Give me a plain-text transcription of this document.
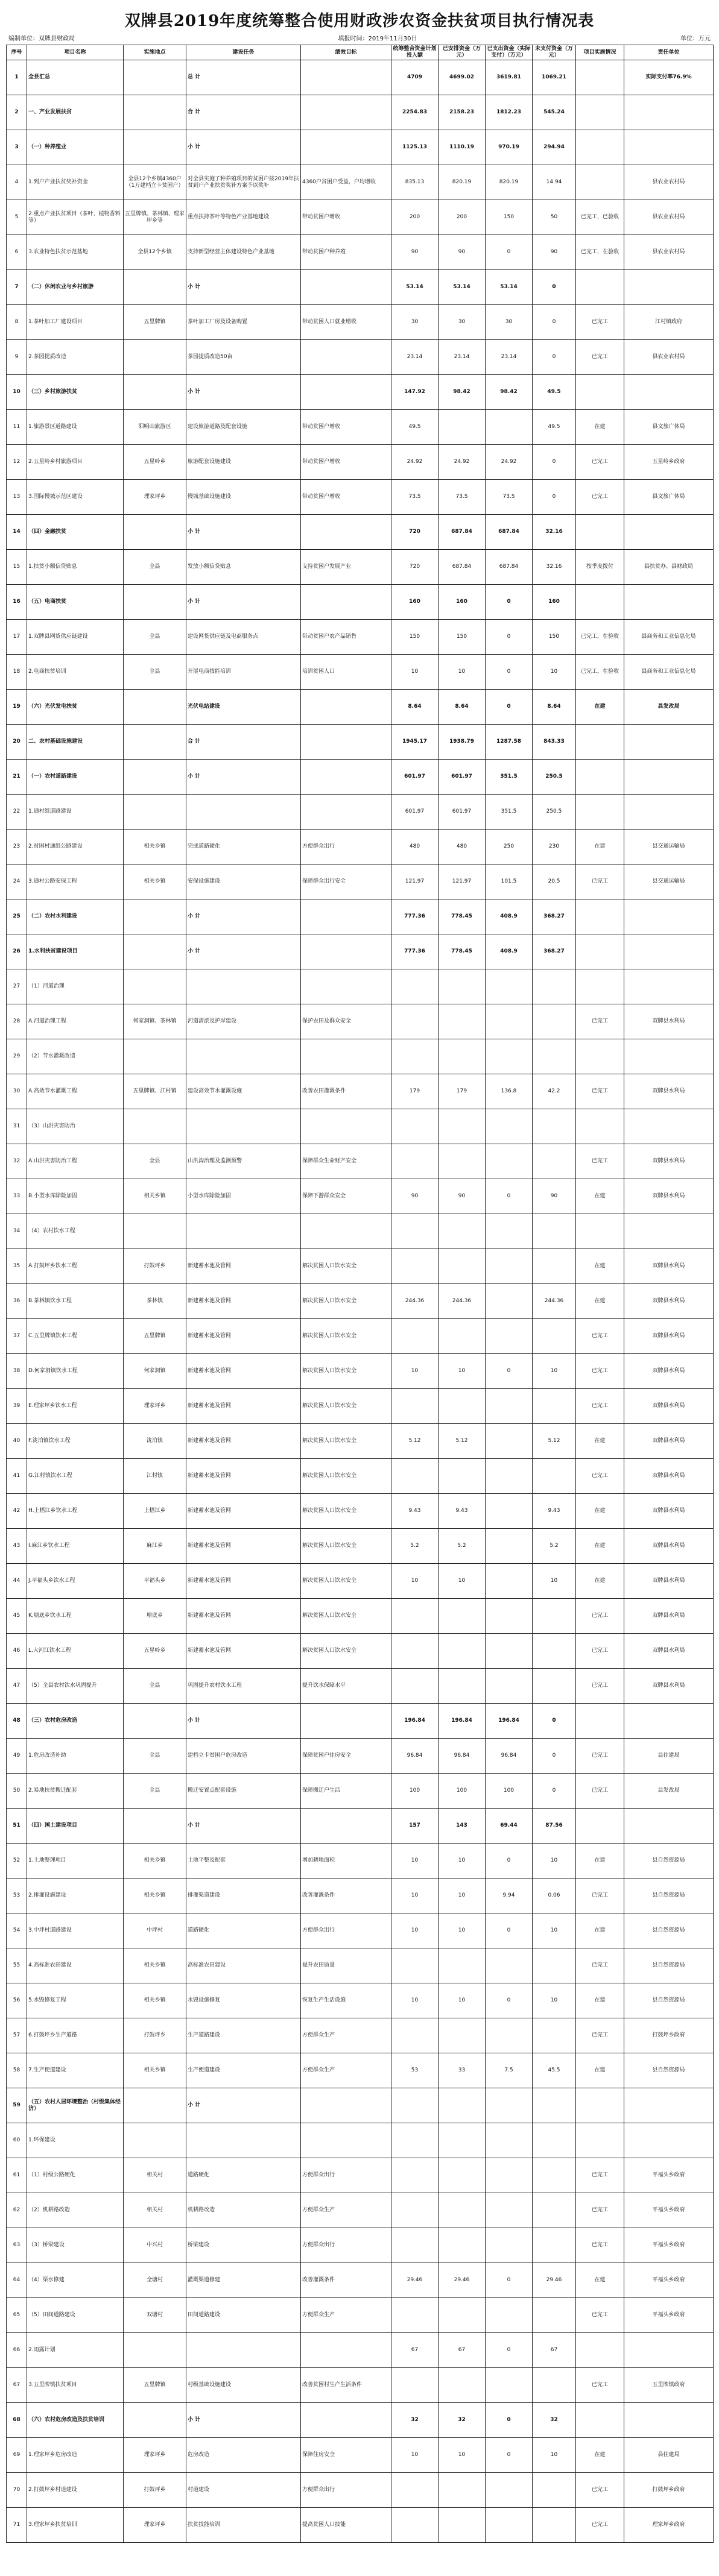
双牌县2019年度统筹整合使用财政涉农资金扶贫项目执行情况表
编制单位：双牌县财政局	填报时间：2019年11月30日	单位：万元
序号	项目名称	实施地点	建设任务	绩效目标	统筹整合资金计划投入额	已安排资金（万元）	已支出资金（实际支付）（万元）	未支付资金（万元）	项目实施情况	责任单位
1	全县汇总		总 计		4709	4699.02	3619.81	1069.21		实际支付率76.9%
2	一、产业发展扶贫		合 计		2254.83	2158.23	1812.23	545.24		
3	（一）种养殖业		小 计		1125.13	1110.19	970.19	294.94		
4	1.到户产业扶贫奖补资金	全县12个乡镇4360户（1万建档立卡贫困户）	对全县实施了种养殖项目的贫困户按2019年扶贫到户产业扶贫奖补方案予以奖补	4360户贫困户受益，户均增收	835.13	820.19	820.19	14.94		县农业农村局
5	2.重点产业扶贫项目（茶叶、植物香料等）	五里牌镇、茶林镇、理家坪乡等	重点扶持茶叶等特色产业基地建设	带动贫困户增收	200	200	150	50	已完工，已验收	县农业农村局
6	3.农业特色扶贫示范基地	全县12个乡镇	支持新型经营主体建设特色产业基地	带动贫困户种养殖	90	90	0	90	已完工，在验收	县农业农村局
7	（二）休闲农业与乡村旅游		小 计		53.14	53.14	53.14	0		
8	1.茶叶加工厂建设项目	五里牌镇	茶叶加工厂房及设备购置	带动贫困人口就业增收	30	30	30	0	已完工	江村镇政府
9	2.茶园提质改造		茶园提质改造50亩		23.14	23.14	23.14	0	已完工	县农业农村局
10	（三）乡村旅游扶贫		小 计		147.92	98.42	98.42	49.5		
11	1.旅游景区道路建设	阳明山旅游区	建设旅游道路及配套设施	带动贫困户增收	49.5			49.5	在建	县文旅广体局
12	2.五星岭乡村旅游项目	五星岭乡	旅游配套设施建设	带动贫困户增收	24.92	24.92	24.92	0	已完工	五星岭乡政府
13	3.国际慢城示范区建设	理家坪乡	慢城基础设施建设	带动贫困户增收	73.5	73.5	73.5	0	已完工	县文旅广体局
14	（四）金融扶贫		小 计		720	687.84	687.84	32.16		
15	1.扶贫小额信贷贴息	全县	发放小额信贷贴息	支持贫困户发展产业	720	687.84	687.84	32.16	按季度拨付	县扶贫办、县财政局
16	（五）电商扶贫		小 计		160	160	0	160		
17	1.双牌县网货供应链建设	全县	建设网货供应链及电商服务点	带动贫困户农产品销售	150	150	0	150	已完工，在验收	县商务和工业信息化局
18	2.电商扶贫培训	全县	开展电商技能培训	培训贫困人口	10	10	0	10	已完工，在验收	县商务和工业信息化局
19	（六）光伏发电扶贫		光伏电站建设		8.64	8.64	0	8.64	在建	县发改局
20	二、农村基础设施建设		合 计		1945.17	1938.79	1287.58	843.33		
21	（一）农村道路建设		小 计		601.97	601.97	351.5	250.5		
22	1.通村组道路建设				601.97	601.97	351.5	250.5		
23	2.贫困村通组公路建设	相关乡镇	完成道路硬化	方便群众出行	480	480	250	230	在建	县交通运输局
24	3.通村公路安保工程	相关乡镇	安保设施建设	保障群众出行安全	121.97	121.97	101.5	20.5	已完工	县交通运输局
25	（二）农村水利建设		小 计		777.36	778.45	408.9	368.27		
26	1.水利扶贫建设项目		小 计		777.36	778.45	408.9	368.27		
27	（1）河道治理									
28	A.河道治理工程	何家洞镇、茶林镇	河道清淤及护岸建设	保护农田及群众安全					已完工	双牌县水利局
29	（2）节水灌溉改造									
30	A.高效节水灌溉工程	五里牌镇、江村镇	建设高效节水灌溉设施	改善农田灌溉条件	179	179	136.8	42.2	已完工	双牌县水利局
31	（3）山洪灾害防治									
32	A.山洪灾害防治工程	全县	山洪沟治理及监测预警	保障群众生命财产安全					已完工	双牌县水利局
33	B.小型水库除险加固	相关乡镇	小型水库除险加固	保障下游群众安全	90	90	0	90	在建	双牌县水利局
34	（4）农村饮水工程									
35	A.打鼓坪乡饮水工程	打鼓坪乡	新建蓄水池及管网	解决贫困人口饮水安全					在建	双牌县水利局
36	B.茶林镇饮水工程	茶林镇	新建蓄水池及管网	解决贫困人口饮水安全	244.36	244.36		244.36	在建	双牌县水利局
37	C.五里牌镇饮水工程	五里牌镇	新建蓄水池及管网	解决贫困人口饮水安全					已完工	双牌县水利局
38	D.何家洞镇饮水工程	何家洞镇	新建蓄水池及管网	解决贫困人口饮水安全	10	10	0	10	已完工	双牌县水利局
39	E.理家坪乡饮水工程	理家坪乡	新建蓄水池及管网	解决贫困人口饮水安全					已完工	双牌县水利局
40	F.泷泊镇饮水工程	泷泊镇	新建蓄水池及管网	解决贫困人口饮水安全	5.12	5.12		5.12	在建	双牌县水利局
41	G.江村镇饮水工程	江村镇	新建蓄水池及管网	解决贫困人口饮水安全					已完工	双牌县水利局
42	H.上梧江乡饮水工程	上梧江乡	新建蓄水池及管网	解决贫困人口饮水安全	9.43	9.43		9.43	在建	双牌县水利局
43	I.麻江乡饮水工程	麻江乡	新建蓄水池及管网	解决贫困人口饮水安全	5.2	5.2		5.2	在建	双牌县水利局
44	J.平福头乡饮水工程	平福头乡	新建蓄水池及管网	解决贫困人口饮水安全	10	10		10	在建	双牌县水利局
45	K.塘底乡饮水工程	塘底乡	新建蓄水池及管网	解决贫困人口饮水安全					已完工	双牌县水利局
46	L.大河江饮水工程	五星岭乡	新建蓄水池及管网	解决贫困人口饮水安全					已完工	双牌县水利局
47	（5）全县农村饮水巩固提升	全县	巩固提升农村饮水工程	提升饮水保障水平					已完工	双牌县水利局
48	（三）农村危房改造		小 计		196.84	196.84	196.84	0		
49	1.危房改造补助	全县	建档立卡贫困户危房改造	保障贫困户住房安全	96.84	96.84	96.84	0	已完工	县住建局
50	2.易地扶贫搬迁配套	全县	搬迁安置点配套设施	保障搬迁户生活	100	100	100	0	已完工	县发改局
51	（四）国土建设项目		小 计		157	143	69.44	87.56		
52	1.土地整理项目	相关乡镇	土地平整及配套	增加耕地面积	10	10	0	10	在建	县自然资源局
53	2.排灌设施建设	相关乡镇	排灌渠道建设	改善灌溉条件	10	10	9.94	0.06	已完工	县自然资源局
54	3.中坪村道路建设	中坪村	道路硬化	方便群众出行	10	10	0	10	在建	县自然资源局
55	4.高标准农田建设	相关乡镇	高标准农田建设	提升农田质量					已完工	县自然资源局
56	5.水毁修复工程	相关乡镇	水毁设施修复	恢复生产生活设施	10	10	0	10	在建	县自然资源局
57	6.打鼓坪乡生产道路	打鼓坪乡	生产道路建设	方便群众生产					已完工	打鼓坪乡政府
58	7.生产便道建设	相关乡镇	生产便道建设	方便群众生产	53	33	7.5	45.5	在建	县自然资源局
59	（五）农村人居环境整治（村级集体经济）		小 计							
60	1.环保建设									
61	（1）村级公路硬化	相关村	道路硬化	方便群众出行					已完工	平福头乡政府
62	（2）机耕路改造	相关村	机耕路改造	方便群众生产					已完工	平福头乡政府
63	（3）桥梁建设	中兴村	桥梁建设	方便群众出行					已完工	平福头乡政府
64	（4）渠水修建	全塘村	灌溉渠道修建	改善灌溉条件	29.46	29.46	0	29.46	在建	平福头乡政府
65	（5）田间道路建设	双塘村	田间道路建设	方便群众生产					已完工	平福头乡政府
66	2.雨露计划				67	67	0	67		
67	3.五里牌镇扶贫项目	五里牌镇	村级基础设施建设	改善贫困村生产生活条件					已完工	五里牌镇政府
68	（六）农村危房改造及扶贫培训		小 计		32	32	0	32		
69	1.理家坪乡危房改造	理家坪乡	危房改造	保障住房安全	10	10	0	10	在建	县住建局
70	2.打鼓坪乡村道建设	打鼓坪乡	村道建设	方便群众出行					已完工	打鼓坪乡政府
71	3.理家坪乡扶贫培训	理家坪乡	扶贫技能培训	提高贫困人口技能					已完工	理家坪乡政府
